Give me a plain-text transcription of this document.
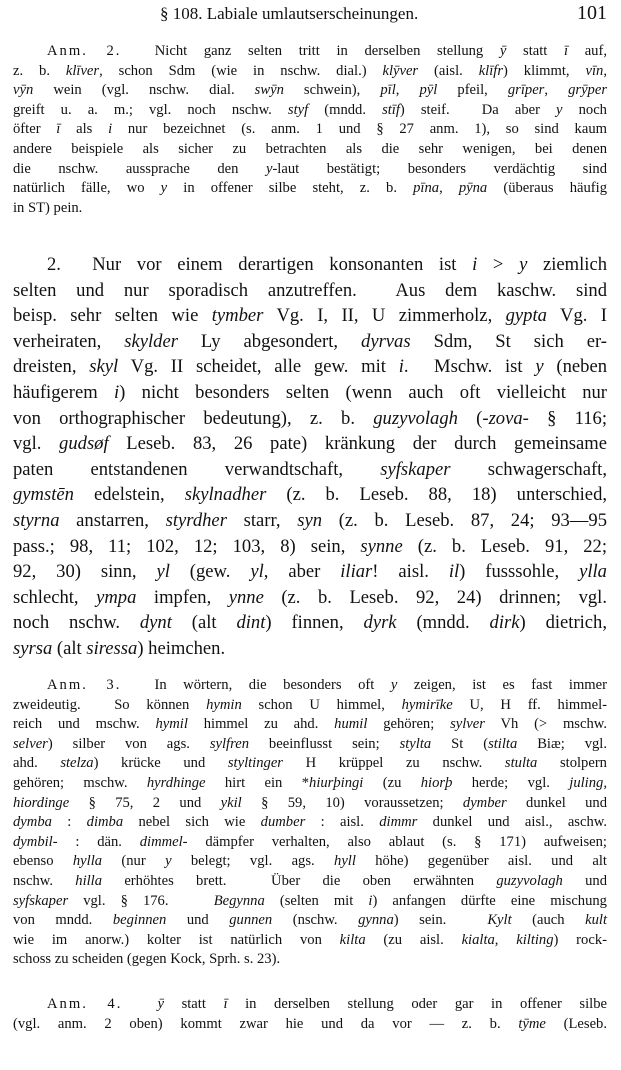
§ 108. Labiale umlautserscheinungen.	101
Anm. 2.  Nicht ganz selten tritt in derselben stellung ȳ statt ī auf,
z. b. klīver, schon Sdm (wie in nschw. dial.) klȳver (aisl. klīfr) klimmt, vīn,
vȳn wein (vgl. nschw. dial. swȳn schwein), pīl, pȳl pfeil, grīper, grȳper
greift u. a. m.; vgl. noch nschw. styf (mndd. stīf) steif.  Da aber y noch
öfter ī als i nur bezeichnet (s. anm. 1 und § 27 anm. 1), so sind kaum
andere beispiele als sicher zu betrachten als die sehr wenigen, bei denen
die nschw. aussprache den y-laut bestätigt; besonders verdächtig sind
natürlich fälle, wo y in offener silbe steht, z. b. pīna, pȳna (überaus häufig
in ST) pein.
2.  Nur vor einem derartigen konsonanten ist i > y ziemlich
selten und nur sporadisch anzutreffen.  Aus dem kaschw. sind
beisp. sehr selten wie tymber Vg. I, II, U zimmerholz, gypta Vg. I
verheiraten, skylder Ly abgesondert, dyrvas Sdm, St sich er-
dreisten, skyl Vg. II scheidet, alle gew. mit i.  Mschw. ist y (neben
häufigerem i) nicht besonders selten (wenn auch oft vielleicht nur
von orthographischer bedeutung), z. b. guzyvolagh (-zova- § 116;
vgl. gudsøf Leseb. 83, 26 pate) kränkung der durch gemeinsame
paten entstandenen verwandtschaft, syfskaper schwagerschaft,
gymstēn edelstein, skylnadher (z. b. Leseb. 88, 18) unterschied,
styrna anstarren, styrdher starr, syn (z. b. Leseb. 87, 24; 93—95
pass.; 98, 11; 102, 12; 103, 8) sein, synne (z. b. Leseb. 91, 22;
92, 30) sinn, yl (gew. yl, aber iliar! aisl. il) fusssohle, ylla
schlecht, ympa impfen, ynne (z. b. Leseb. 92, 24) drinnen; vgl.
noch nschw. dynt (alt dint) finnen, dyrk (mndd. dirk) dietrich,
syrsa (alt siressa) heimchen.
Anm. 3.  In wörtern, die besonders oft y zeigen, ist es fast immer
zweideutig.  So können hymin schon U himmel, hymirīke U, H ff. himmel-
reich und mschw. hymil himmel zu ahd. humil gehören; sylver Vh (> mschw.
selver) silber von ags. sylfren beeinflusst sein; stylta St (stilta Biæ; vgl.
ahd. stelza) krücke und styltinger H krüppel zu nschw. stulta stolpern
gehören; mschw. hyrdhinge hirt ein *hiurþingi (zu hiorþ herde; vgl. juling,
hiordinge § 75, 2 und ykil § 59, 10) voraussetzen; dymber dunkel und
dymba : dimba nebel sich wie dumber : aisl. dimmr dunkel und aisl., aschw.
dymbil- : dän. dimmel- dämpfer verhalten, also ablaut (s. § 171) aufweisen;
ebenso hylla (nur y belegt; vgl. ags. hyll höhe) gegenüber aisl. und alt
nschw. hilla erhöhtes brett.  Über die oben erwähnten guzyvolagh und
syfskaper vgl. § 176.   Begynna (selten mit i) anfangen dürfte eine mischung
von mndd. beginnen und gunnen (nschw. gynna) sein.  Kylt (auch kult
wie im anorw.) kolter ist natürlich von kilta (zu aisl. kialta, kilting) rock-
schoss zu scheiden (gegen Kock, Sprh. s. 23).
Anm. 4. ȳ statt ī in derselben stellung oder gar in offener silbe
(vgl. anm. 2 oben) kommt zwar hie und da vor — z. b. tȳme (Leseb.
